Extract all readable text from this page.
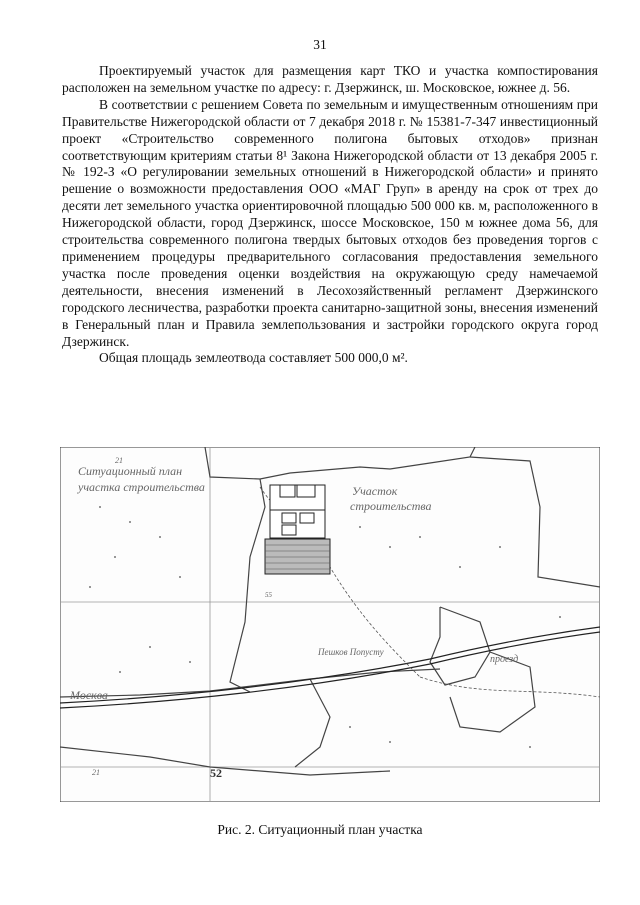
31

Проектируемый участок для размещения карт ТКО и участка компостирования расположен на земельном участке по адресу: г. Дзержинск, ш. Московское, южнее д. 56.

В соответствии с решением Совета по земельным и имущественным отношениям при Правительстве Нижегородской области от 7 декабря 2018 г. № 15381-7-347 инвестиционный проект «Строительство современного полигона бытовых отходов» признан соответствующим критериям статьи 8¹ Закона Нижегородской области от 13 декабря 2005 г. № 192-З «О регулировании земельных отношений в Нижегородской области» и принято решение о возможности предоставления ООО «МАГ Груп» в аренду на срок от трех до десяти лет земельного участка ориентировочной площадью 500 000 кв. м, расположенного в Нижегородской области, город Дзержинск, шоссе Московское, 150 м южнее дома 56, для строительства современного полигона твердых бытовых отходов без проведения торгов с применением процедуры предварительного согласования предоставления земельного участка после проведения оценки воздействия на окружающую среду намечаемой деятельности, внесения изменений в Лесохозяйственный регламент Дзержинского городского лесничества, разработки проекта санитарно-защитной зоны, внесения изменений в Генеральный план и Правила землепользования и застройки городского округа город Дзержинск.

Общая площадь землеотвода составляет 500 000,0 м².

Ситуационный план
участка строительства	Участок
строительства
21
21	52
Москва
Пешков Попусту
проезд
55
Рис. 2. Ситуационный план участка
